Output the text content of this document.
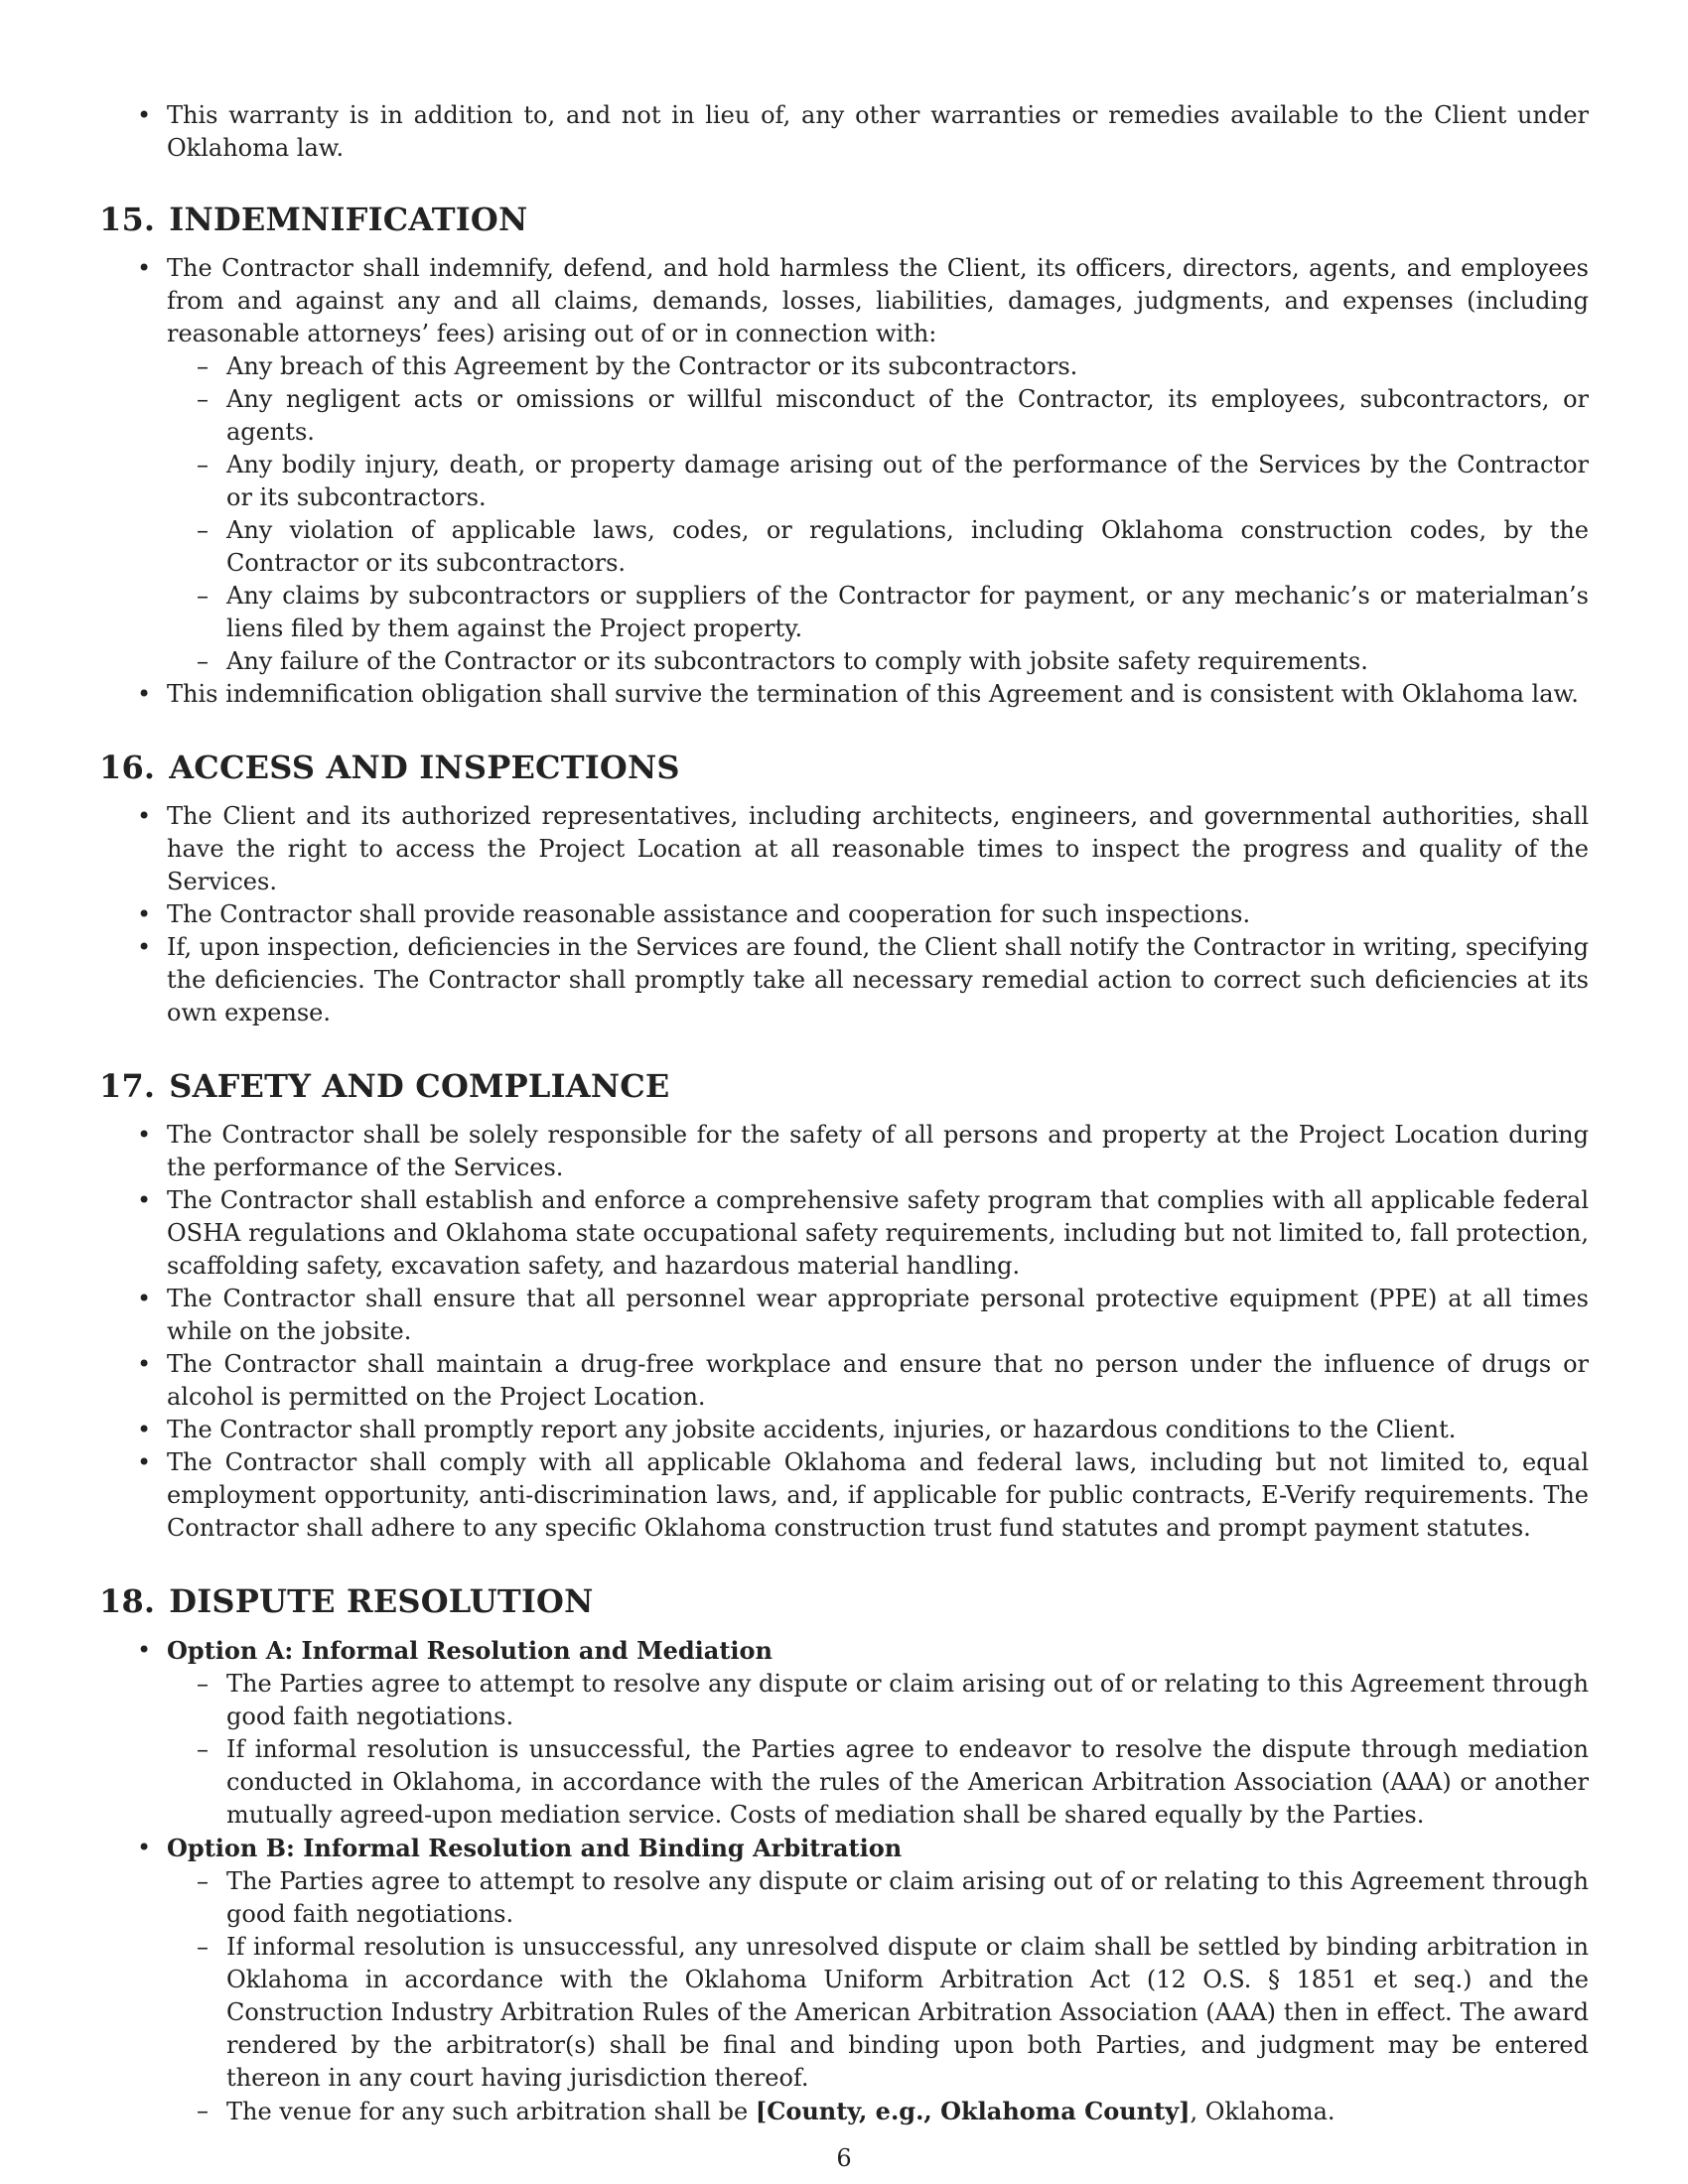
• This warranty is in addition to, and not in lieu of, any other warranties or remedies available to the Client under Oklahoma law.
15. INDEMNIFICATION
• The Contractor shall indemnify, defend, and hold harmless the Client, its officers, directors, agents, and employees from and against any and all claims, demands, losses, liabilities, damages, judgments, and expenses (including reasonable attorneys’ fees) arising out of or in connection with:
– Any breach of this Agreement by the Contractor or its subcontractors.
– Any negligent acts or omissions or willful misconduct of the Contractor, its employees, subcontractors, or agents.
– Any bodily injury, death, or property damage arising out of the performance of the Services by the Contractor or its subcontractors.
– Any violation of applicable laws, codes, or regulations, including Oklahoma construction codes, by the Contractor or its subcontractors.
– Any claims by subcontractors or suppliers of the Contractor for payment, or any mechanic’s or materialman’s liens filed by them against the Project property.
– Any failure of the Contractor or its subcontractors to comply with jobsite safety requirements.
• This indemnification obligation shall survive the termination of this Agreement and is consistent with Oklahoma law.
16. ACCESS AND INSPECTIONS
• The Client and its authorized representatives, including architects, engineers, and governmental authorities, shall have the right to access the Project Location at all reasonable times to inspect the progress and quality of the Services.
• The Contractor shall provide reasonable assistance and cooperation for such inspections.
• If, upon inspection, deficiencies in the Services are found, the Client shall notify the Contractor in writing, specifying the deficiencies. The Contractor shall promptly take all necessary remedial action to correct such deficiencies at its own expense.
17. SAFETY AND COMPLIANCE
• The Contractor shall be solely responsible for the safety of all persons and property at the Project Location during the performance of the Services.
• The Contractor shall establish and enforce a comprehensive safety program that complies with all applicable federal OSHA regulations and Oklahoma state occupational safety requirements, including but not limited to, fall protection, scaffolding safety, excavation safety, and hazardous material handling.
• The Contractor shall ensure that all personnel wear appropriate personal protective equipment (PPE) at all times while on the jobsite.
• The Contractor shall maintain a drug-free workplace and ensure that no person under the influence of drugs or alcohol is permitted on the Project Location.
• The Contractor shall promptly report any jobsite accidents, injuries, or hazardous conditions to the Client.
• The Contractor shall comply with all applicable Oklahoma and federal laws, including but not limited to, equal employment opportunity, anti-discrimination laws, and, if applicable for public contracts, E-Verify requirements. The Contractor shall adhere to any specific Oklahoma construction trust fund statutes and prompt payment statutes.
18. DISPUTE RESOLUTION
• Option A: Informal Resolution and Mediation
– The Parties agree to attempt to resolve any dispute or claim arising out of or relating to this Agreement through good faith negotiations.
– If informal resolution is unsuccessful, the Parties agree to endeavor to resolve the dispute through mediation conducted in Oklahoma, in accordance with the rules of the American Arbitration Association (AAA) or another mutually agreed-upon mediation service. Costs of mediation shall be shared equally by the Parties.
• Option B: Informal Resolution and Binding Arbitration
– The Parties agree to attempt to resolve any dispute or claim arising out of or relating to this Agreement through good faith negotiations.
– If informal resolution is unsuccessful, any unresolved dispute or claim shall be settled by binding arbitration in Oklahoma in accordance with the Oklahoma Uniform Arbitration Act (12 O.S. § 1851 et seq.) and the Construction Industry Arbitration Rules of the American Arbitration Association (AAA) then in effect. The award rendered by the arbitrator(s) shall be final and binding upon both Parties, and judgment may be entered thereon in any court having jurisdiction thereof.
– The venue for any such arbitration shall be [County, e.g., Oklahoma County], Oklahoma.
6
